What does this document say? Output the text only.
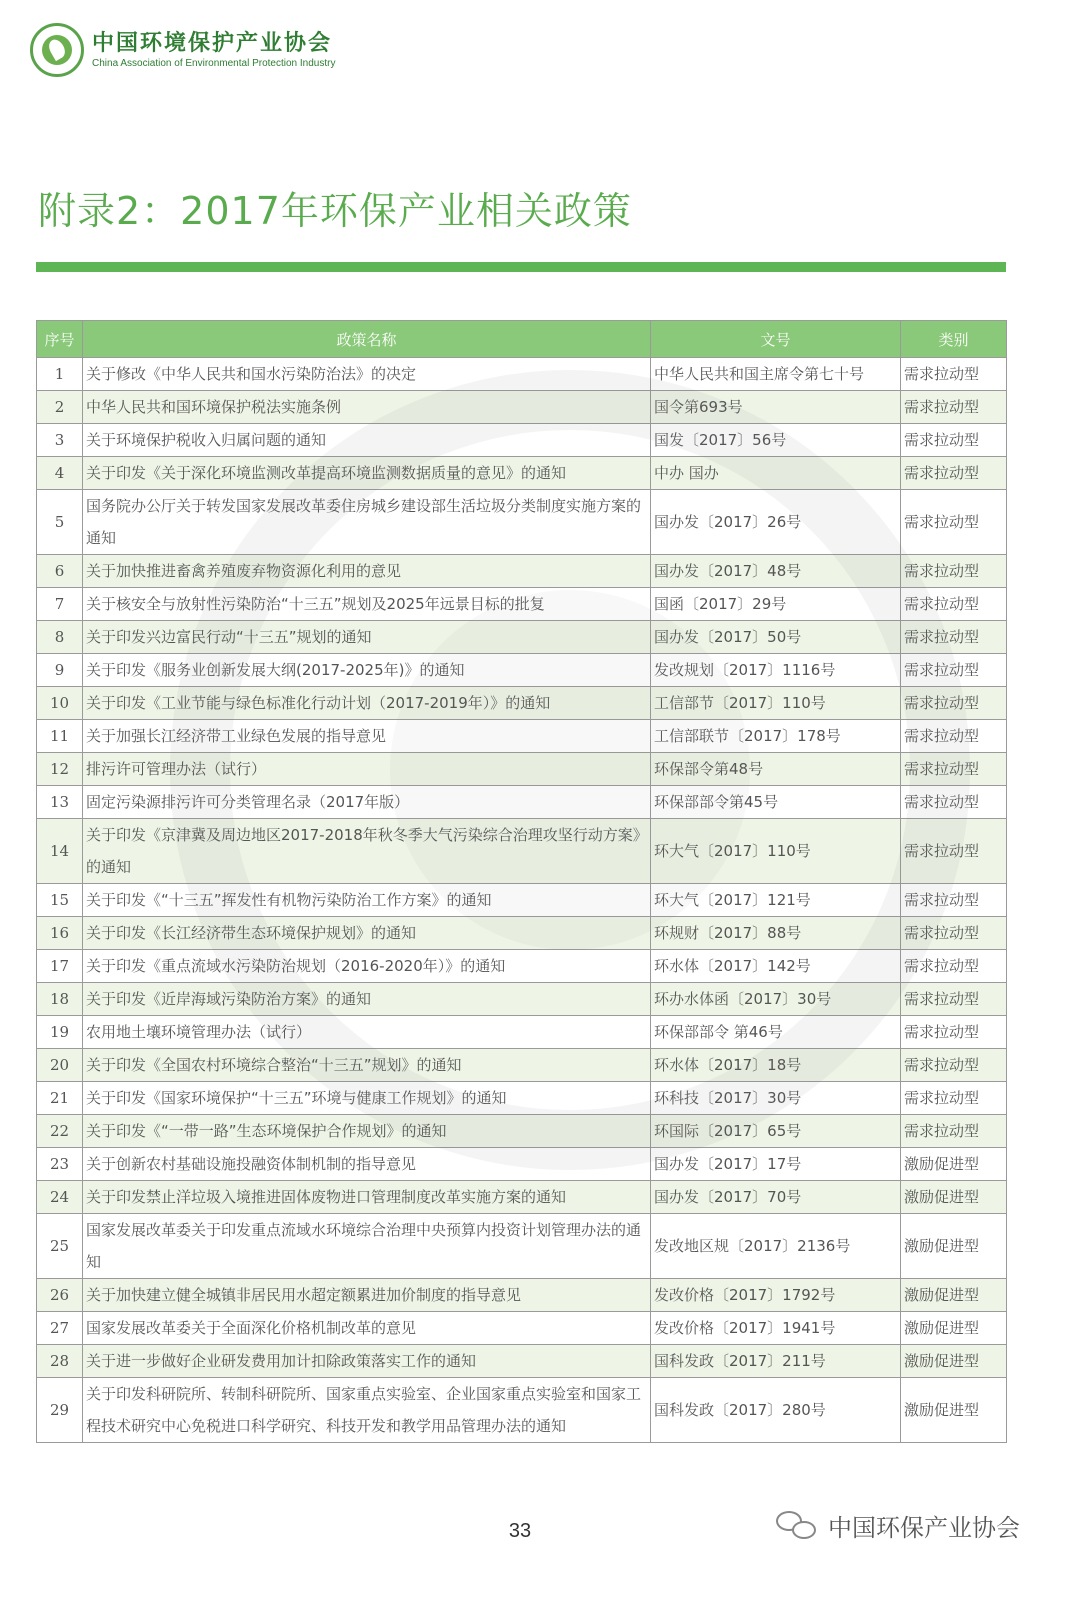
中国环境保护产业协会
China Association of Environmental Protection Industry
附录2：2017年环保产业相关政策
序号	政策名称	文号	类别
1	关于修改《中华人民共和国水污染防治法》的决定	中华人民共和国主席令第七十号	需求拉动型
2	中华人民共和国环境保护税法实施条例	国令第693号	需求拉动型
3	关于环境保护税收入归属问题的通知	国发〔2017〕56号	需求拉动型
4	关于印发《关于深化环境监测改革提高环境监测数据质量的意见》的通知	中办 国办	需求拉动型
5	国务院办公厅关于转发国家发展改革委住房城乡建设部生活垃圾分类制度实施方案的通知	国办发〔2017〕26号	需求拉动型
6	关于加快推进畜禽养殖废弃物资源化利用的意见	国办发〔2017〕48号	需求拉动型
7	关于核安全与放射性污染防治“十三五”规划及2025年远景目标的批复	国函〔2017〕29号	需求拉动型
8	关于印发兴边富民行动“十三五”规划的通知	国办发〔2017〕50号	需求拉动型
9	关于印发《服务业创新发展大纲(2017-2025年)》的通知	发改规划〔2017〕1116号	需求拉动型
10	关于印发《工业节能与绿色标准化行动计划（2017-2019年）》的通知	工信部节〔2017〕110号	需求拉动型
11	关于加强长江经济带工业绿色发展的指导意见	工信部联节〔2017〕178号	需求拉动型
12	排污许可管理办法（试行）	环保部令第48号	需求拉动型
13	固定污染源排污许可分类管理名录（2017年版）	环保部部令第45号	需求拉动型
14	关于印发《京津冀及周边地区2017-2018年秋冬季大气污染综合治理攻坚行动方案》的通知	环大气〔2017〕110号	需求拉动型
15	关于印发《“十三五”挥发性有机物污染防治工作方案》的通知	环大气〔2017〕121号	需求拉动型
16	关于印发《长江经济带生态环境保护规划》的通知	环规财〔2017〕88号	需求拉动型
17	关于印发《重点流域水污染防治规划（2016-2020年）》的通知	环水体〔2017〕142号	需求拉动型
18	关于印发《近岸海域污染防治方案》的通知	环办水体函〔2017〕30号	需求拉动型
19	农用地土壤环境管理办法（试行）	环保部部令 第46号	需求拉动型
20	关于印发《全国农村环境综合整治“十三五”规划》的通知	环水体〔2017〕18号	需求拉动型
21	关于印发《国家环境保护“十三五”环境与健康工作规划》的通知	环科技〔2017〕30号	需求拉动型
22	关于印发《“一带一路”生态环境保护合作规划》的通知	环国际〔2017〕65号	需求拉动型
23	关于创新农村基础设施投融资体制机制的指导意见	国办发〔2017〕17号	激励促进型
24	关于印发禁止洋垃圾入境推进固体废物进口管理制度改革实施方案的通知	国办发〔2017〕70号	激励促进型
25	国家发展改革委关于印发重点流域水环境综合治理中央预算内投资计划管理办法的通知	发改地区规〔2017〕2136号	激励促进型
26	关于加快建立健全城镇非居民用水超定额累进加价制度的指导意见	发改价格〔2017〕1792号	激励促进型
27	国家发展改革委关于全面深化价格机制改革的意见	发改价格〔2017〕1941号	激励促进型
28	关于进一步做好企业研发费用加计扣除政策落实工作的通知	国科发政〔2017〕211号	激励促进型
29	关于印发科研院所、转制科研院所、国家重点实验室、企业国家重点实验室和国家工程技术研究中心免税进口科学研究、科技开发和教学用品管理办法的通知	国科发政〔2017〕280号	激励促进型
33	中国环保产业协会
